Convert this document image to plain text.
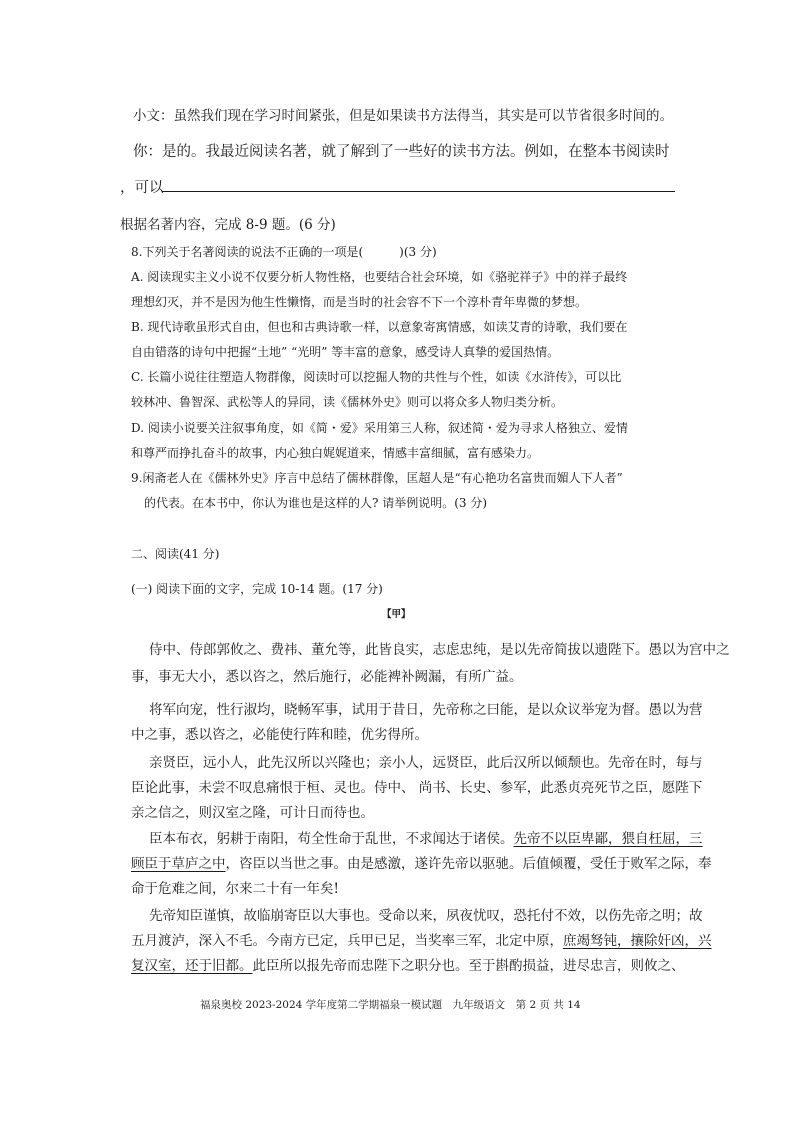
小文：虽然我们现在学习时间紧张，但是如果读书方法得当，其实是可以节省很多时间的。
你：是的。我最近阅读名著，就了解到了一些好的读书方法。例如，在整本书阅读时
，可以
根据名著内容，完成 8-9 题。(6 分)
8.下列关于名著阅读的说法不正确的一项是(　　　)(3 分)
A. 阅读现实主义小说不仅要分析人物性格，也要结合社会环境，如《骆驼祥子》中的祥子最终
理想幻灭，并不是因为他生性懒惰，而是当时的社会容不下一个淳朴青年卑微的梦想。
B. 现代诗歌虽形式自由，但也和古典诗歌一样，以意象寄寓情感，如读艾青的诗歌，我们要在
自由错落的诗句中把握“土地” “光明” 等丰富的意象，感受诗人真挚的爱国热情。
C. 长篇小说往往塑造人物群像，阅读时可以挖掘人物的共性与个性，如读《水浒传》，可以比
较林冲、鲁智深、武松等人的异同，读《儒林外史》则可以将众多人物归类分析。
D. 阅读小说要关注叙事角度，如《简・爱》采用第三人称，叙述简・爱为寻求人格独立、爱情
和尊严而挣扎奋斗的故事，内心独白娓娓道来，情感丰富细腻，富有感染力。
9.闲斋老人在《儒林外史》序言中总结了儒林群像，匡超人是“有心艳功名富贵而媚人下人者”
的代表。在本书中，你认为谁也是这样的人? 请举例说明。(3 分)
二、阅读(41 分)
(一) 阅读下面的文字，完成 10-14 题。(17 分)
【甲】
侍中、侍郎郭攸之、费祎、董允等，此皆良实，志虑忠纯，是以先帝简拔以遗陛下。愚以为宫中之
事，事无大小，悉以咨之，然后施行，必能裨补阙漏，有所广益。
将军向宠，性行淑均，晓畅军事，试用于昔日，先帝称之曰能，是以众议举宠为督。愚以为营
中之事，悉以咨之，必能使行阵和睦，优劣得所。
亲贤臣，远小人，此先汉所以兴隆也；亲小人，远贤臣，此后汉所以倾颓也。先帝在时，每与
臣论此事，未尝不叹息痛恨于桓、灵也。侍中、 尚书、长史、参军，此悉贞亮死节之臣，愿陛下
亲之信之，则汉室之隆，可计日而待也。
臣本布衣，躬耕于南阳，苟全性命于乱世，不求闻达于诸侯。先帝不以臣卑鄙，猥自枉屈，三
顾臣于草庐之中，咨臣以当世之事。由是感激，遂许先帝以驱驰。后值倾覆，受任于败军之际，奉
命于危难之间，尔来二十有一年矣!
先帝知臣谨慎，故临崩寄臣以大事也。受命以来，夙夜忧叹，恐托付不效，以伤先帝之明；故
五月渡泸，深入不毛。今南方已定，兵甲已足，当奖率三军，北定中原，庶竭驽钝，攘除奸凶，兴
复汉室，还于旧都。此臣所以报先帝而忠陛下之职分也。至于斟酌损益，进尽忠言，则攸之、
福泉奥校 2023-2024 学年度第二学期福泉一模试题　九年级语文　第 2 页 共 14
